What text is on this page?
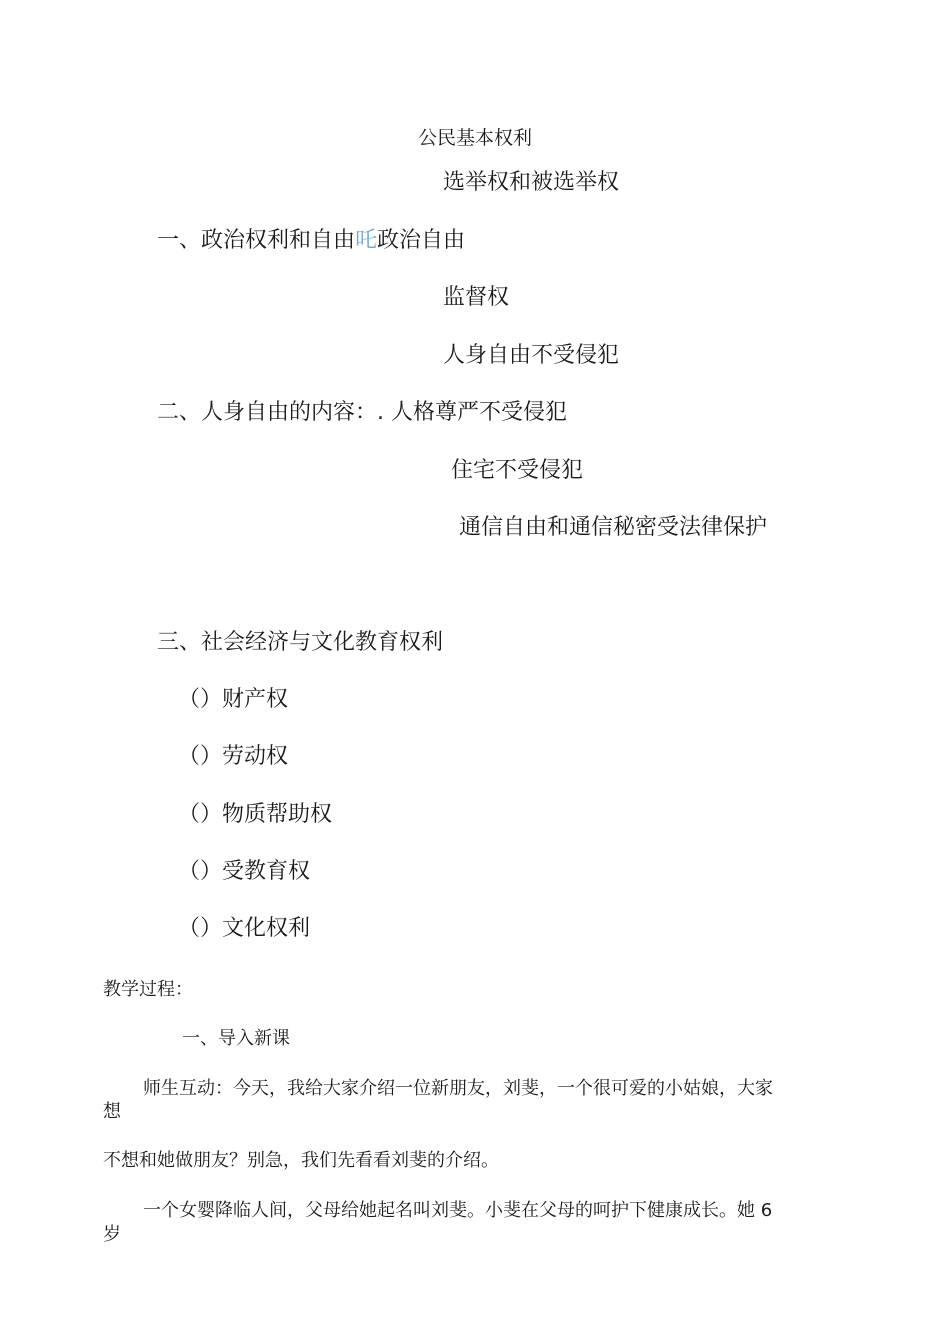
公民基本权利
选举权和被选举权
一、政治权利和自由吒政治自由
监督权
人身自由不受侵犯
二、人身自由的内容：. 人格尊严不受侵犯
住宅不受侵犯
通信自由和通信秘密受法律保护
三、社会经济与文化教育权利
（）财产权
（）劳动权
（）物质帮助权
（）受教育权
（）文化权利
教学过程：
一、导入新课
师生互动：今天，我给大家介绍一位新朋友，刘斐，一个很可爱的小姑娘，大家
想
不想和她做朋友？别急，我们先看看刘斐的介绍。
一个女婴降临人间，父母给她起名叫刘斐。小斐在父母的呵护下健康成长。她 6
岁
